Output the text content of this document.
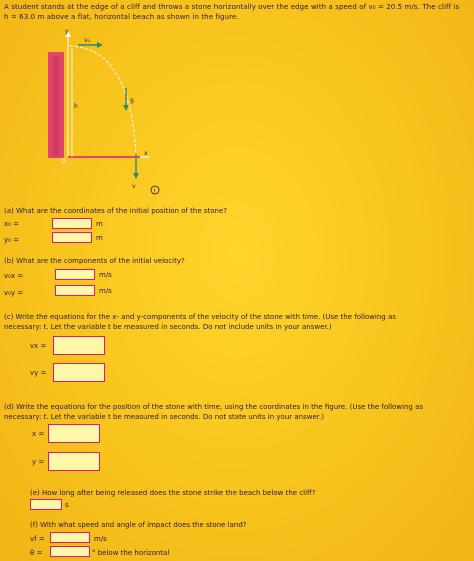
A student stands at the edge of a cliff and throws a stone horizontally over the edge with a speed of v₀ = 20.5 m/s. The cliff is
h = 63.0 m above a flat, horizontal beach as shown in the figure.
y
x
O
h
v₀
g
v
i
(a) What are the coordinates of the initial position of the stone?
x₀ =	m
y₀ =	m
(b) What are the components of the initial velocity?
v₀x =	m/s
v₀y =	m/s
(c) Write the equations for the x- and y-components of the velocity of the stone with time. (Use the following as
necessary: t. Let the variable t be measured in seconds. Do not include units in your answer.)
vx =
vy =
(d) Write the equations for the position of the stone with time, using the coordinates in the figure. (Use the following as
necessary: t. Let the variable t be measured in seconds. Do not state units in your answer.)
x =
y =
(e) How long after being released does the stone strike the beach below the cliff?
s
(f) With what speed and angle of impact does the stone land?
vf =	m/s
θ =	° below the horizontal
